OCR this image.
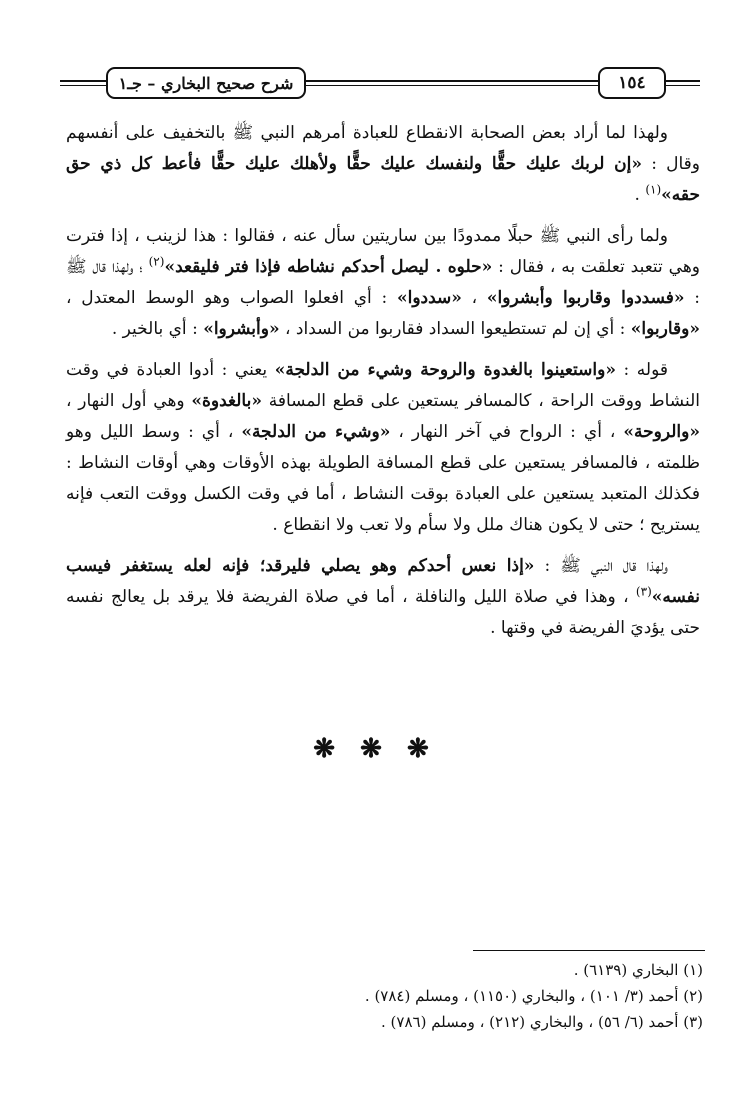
١٥٤
شرح صحيح البخاري – جـ١

ولهذا لما أراد بعض الصحابة الانقطاع للعبادة أمرهم النبي ﷺ بالتخفيف على أنفسهم وقال : «إن لربك عليك حقًّا ولنفسك عليك حقًّا ولأهلك عليك حقًّا فأعط كل ذي حق حقه»$^{(١)}$ .

ولما رأى النبي ﷺ حبلًا ممدودًا بين ساريتين سأل عنه ، فقالوا : هذا لزينب ، إذا فترت وهي تتعبد تعلقت به ، فقال : «حلوه . ليصل أحدكم نشاطه فإذا فتر فليقعد»$^{(٢)}$ ؛ ولهذا قال ﷺ : «فسددوا وقاربوا وأبشروا» ، «سددوا» : أي افعلوا الصواب وهو الوسط المعتدل ، «وقاربوا» : أي إن لم تستطيعوا السداد فقاربوا من السداد ، «وأبشروا» : أي بالخير .

قوله : «واستعينوا بالغدوة والروحة وشيء من الدلجة» يعني : أدوا العبادة في وقت النشاط ووقت الراحة ، كالمسافر يستعين على قطع المسافة «بالغدوة» وهي أول النهار ، «والروحة» ، أي : الرواح في آخر النهار ، «وشيء من الدلجة» ، أي : وسط الليل وهو ظلمته ، فالمسافر يستعين على قطع المسافة الطويلة بهذه الأوقات وهي أوقات النشاط : فكذلك المتعبد يستعين على العبادة بوقت النشاط ، أما في وقت الكسل ووقت التعب فإنه يستريح ؛ حتى لا يكون هناك ملل ولا سأم ولا تعب ولا انقطاع .

ولهذا قال النبي ﷺ : «إذا نعس أحدكم وهو يصلي فليرقد؛ فإنه لعله يستغفر فيسب نفسه»$^{(٣)}$ ، وهذا في صلاة الليل والنافلة ، أما في صلاة الفريضة فلا يرقد بل يعالج نفسه حتى يؤديَ الفريضة في وقتها .

❋ ❋ ❋
(١) البخاري (٦١٣٩) .
(٢) أحمد (٣/ ١٠١) ، والبخاري (١١٥٠) ، ومسلم (٧٨٤) .
(٣) أحمد (٦/ ٥٦) ، والبخاري (٢١٢) ، ومسلم (٧٨٦) .
